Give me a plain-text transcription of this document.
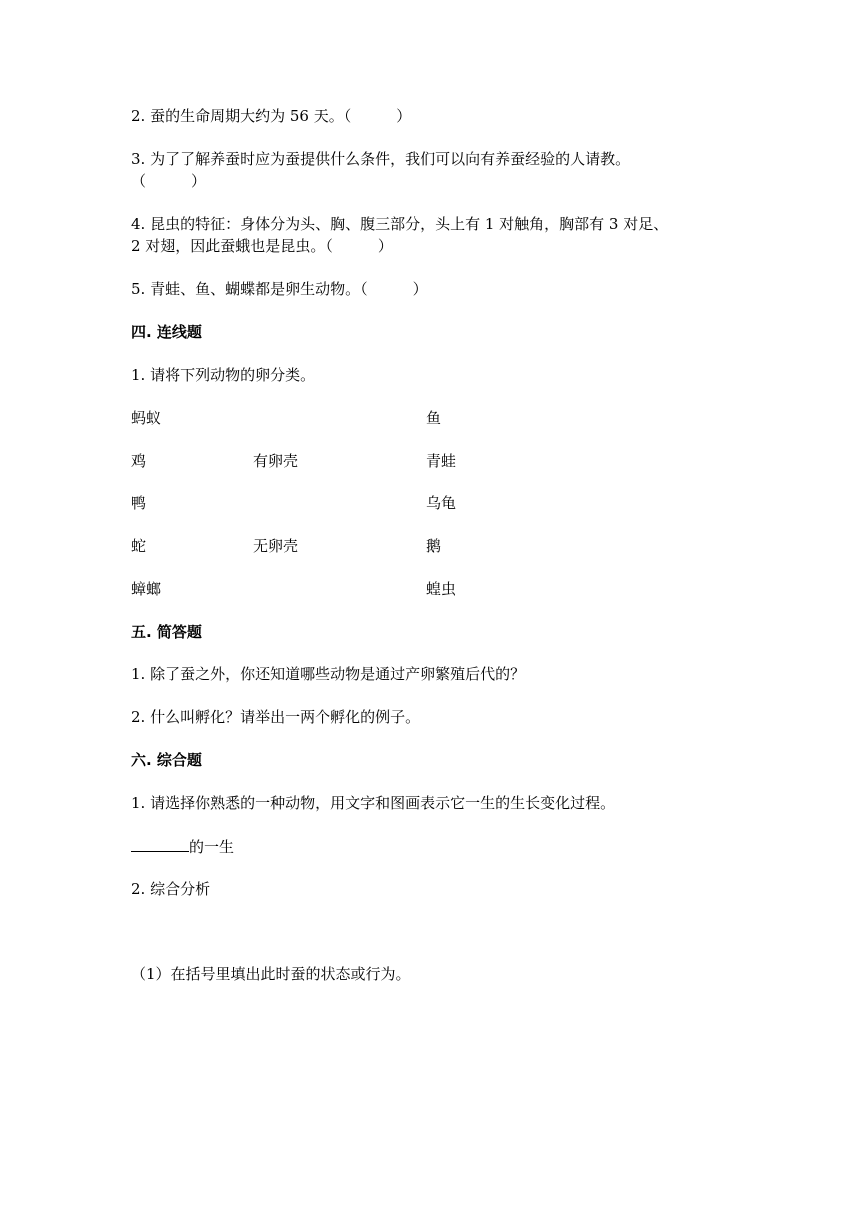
2. 蚕的生命周期大约为 56 天。（　　　）
3. 为了了解养蚕时应为蚕提供什么条件，我们可以向有养蚕经验的人请教。
（　　　）
4. 昆虫的特征：身体分为头、胸、腹三部分，头上有 1 对触角，胸部有 3 对足、
2 对翅，因此蚕蛾也是昆虫。（　　　）
5. 青蛙、鱼、蝴蝶都是卵生动物。（　　　）
四. 连线题
1. 请将下列动物的卵分类。
蚂蚁
鸡
鸭
蛇
蟑螂
有卵壳
无卵壳
鱼
青蛙
乌龟
鹅
蝗虫
五. 简答题
1. 除了蚕之外，你还知道哪些动物是通过产卵繁殖后代的？
2. 什么叫孵化？请举出一两个孵化的例子。
六. 综合题
1. 请选择你熟悉的一种动物，用文字和图画表示它一生的生长变化过程。
的一生
2. 综合分析
（1）在括号里填出此时蚕的状态或行为。
